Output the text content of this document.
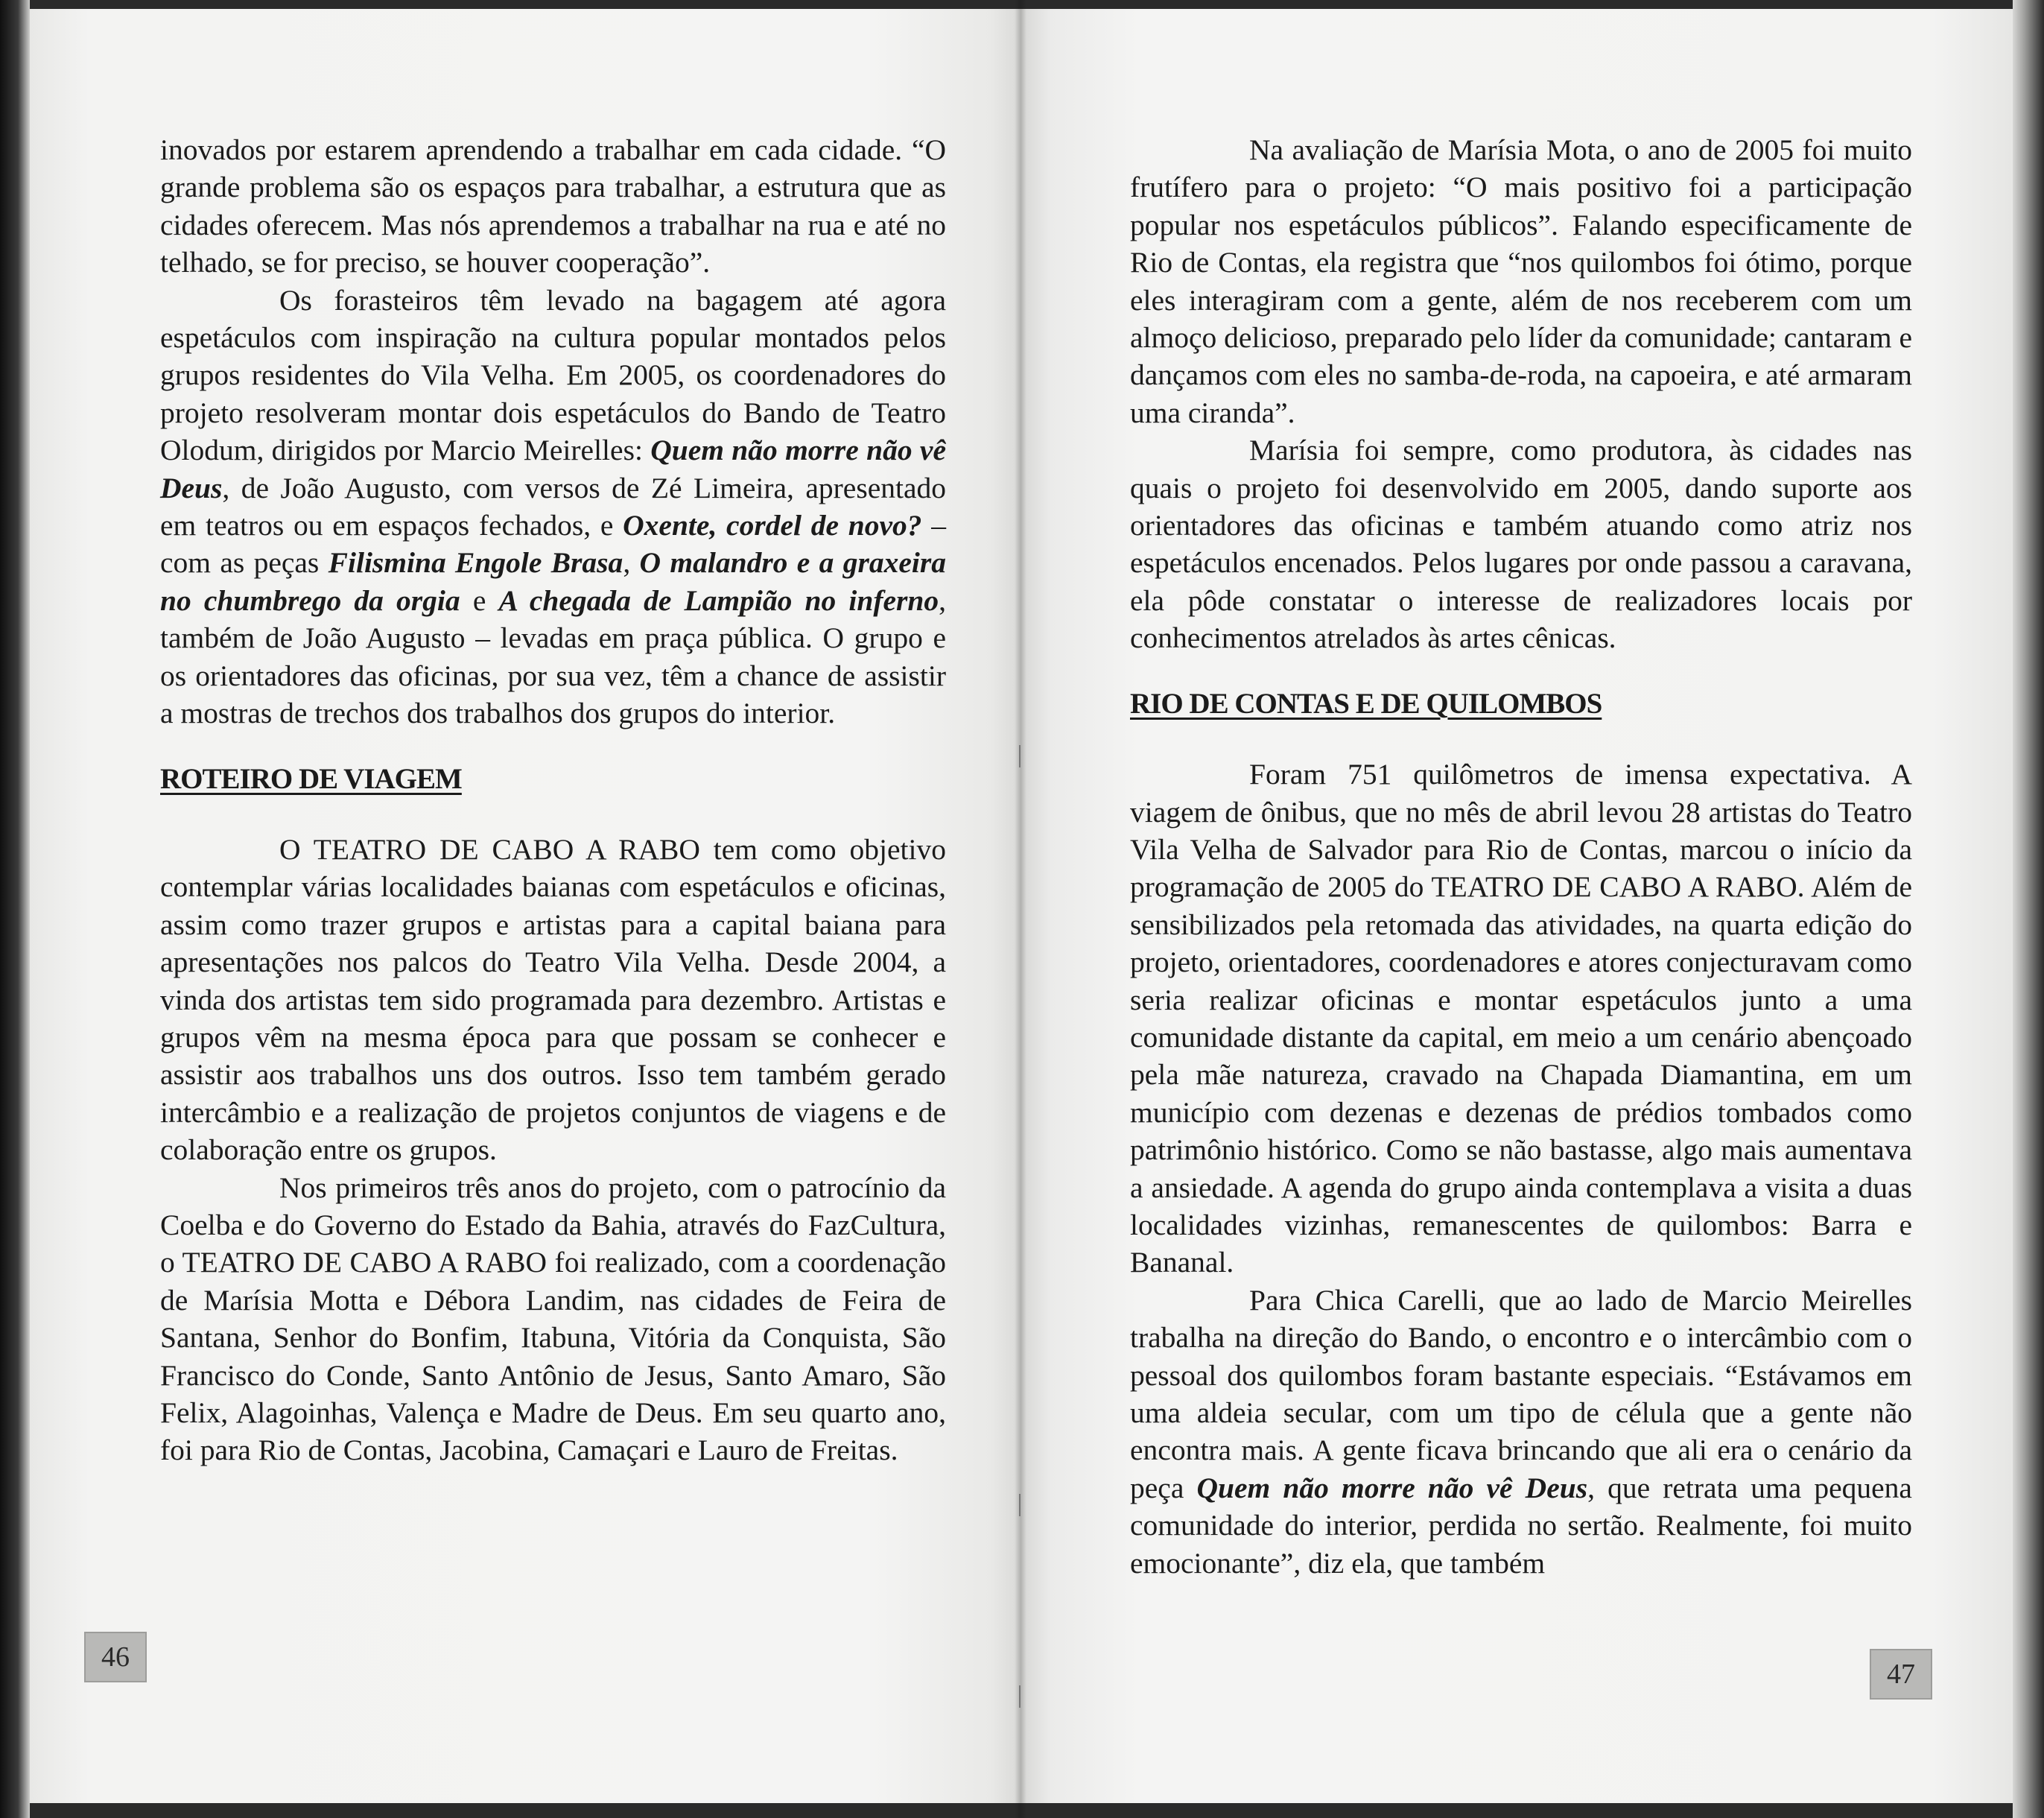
inovados por estarem aprendendo a trabalhar em cada cidade. “O grande problema são os espaços para trabalhar, a estrutura que as cidades oferecem. Mas nós aprendemos a trabalhar na rua e até no telhado, se for preciso, se houver cooperação”.

Os forasteiros têm levado na bagagem até agora espetáculos com inspiração na cultura popular montados pelos grupos residentes do Vila Velha. Em 2005, os coordenadores do projeto resolveram montar dois espetáculos do Bando de Teatro Olodum, dirigidos por Marcio Meirelles: Quem não morre não vê Deus, de João Augusto, com versos de Zé Limeira, apresentado em teatros ou em espaços fechados, e Oxente, cordel de novo? – com as peças Filismina Engole Brasa, O malandro e a graxeira no chumbrego da orgia e A chegada de Lampião no inferno, também de João Augusto – levadas em praça pública. O grupo e os orientadores das oficinas, por sua vez, têm a chance de assistir a mostras de trechos dos trabalhos dos grupos do interior.

ROTEIRO DE VIAGEM

O TEATRO DE CABO A RABO tem como objetivo contemplar várias localidades baianas com espetáculos e oficinas, assim como trazer grupos e artistas para a capital baiana para apresentações nos palcos do Teatro Vila Velha. Desde 2004, a vinda dos artistas tem sido programada para dezembro. Artistas e grupos vêm na mesma época para que possam se conhecer e assistir aos trabalhos uns dos outros. Isso tem também gerado intercâmbio e a realização de projetos conjuntos de viagens e de colaboração entre os grupos.

Nos primeiros três anos do projeto, com o patrocínio da Coelba e do Governo do Estado da Bahia, através do FazCultura, o TEATRO DE CABO A RABO foi realizado, com a coordenação de Marísia Motta e Débora Landim, nas cidades de Feira de Santana, Senhor do Bonfim, Itabuna, Vitória da Conquista, São Francisco do Conde, Santo Antônio de Jesus, Santo Amaro, São Felix, Alagoinhas, Valença e Madre de Deus. Em seu quarto ano, foi para Rio de Contas, Jacobina, Camaçari e Lauro de Freitas.

Na avaliação de Marísia Mota, o ano de 2005 foi muito frutífero para o projeto: “O mais positivo foi a participação popular nos espetáculos públicos”. Falando especificamente de Rio de Contas, ela registra que “nos quilombos foi ótimo, porque eles interagiram com a gente, além de nos receberem com um almoço delicioso, preparado pelo líder da comunidade; cantaram e dançamos com eles no samba-de-roda, na capoeira, e até armaram uma ciranda”.

Marísia foi sempre, como produtora, às cidades nas quais o projeto foi desenvolvido em 2005, dando suporte aos orientadores das oficinas e também atuando como atriz nos espetáculos encenados. Pelos lugares por onde passou a caravana, ela pôde constatar o interesse de realizadores locais por conhecimentos atrelados às artes cênicas.

RIO DE CONTAS E DE QUILOMBOS

Foram 751 quilômetros de imensa expectativa. A viagem de ônibus, que no mês de abril levou 28 artistas do Teatro Vila Velha de Salvador para Rio de Contas, marcou o início da programação de 2005 do TEATRO DE CABO A RABO. Além de sensibilizados pela retomada das atividades, na quarta edição do projeto, orientadores, coordenadores e atores conjecturavam como seria realizar oficinas e montar espetáculos junto a uma comunidade distante da capital, em meio a um cenário abençoado pela mãe natureza, cravado na Chapada Diamantina, em um município com dezenas e dezenas de prédios tombados como patrimônio histórico. Como se não bastasse, algo mais aumentava a ansiedade. A agenda do grupo ainda contemplava a visita a duas localidades vizinhas, remanescentes de quilombos: Barra e Bananal.

Para Chica Carelli, que ao lado de Marcio Meirelles trabalha na direção do Bando, o encontro e o intercâmbio com o pessoal dos quilombos foram bastante especiais. “Estávamos em uma aldeia secular, com um tipo de célula que a gente não encontra mais. A gente ficava brincando que ali era o cenário da peça Quem não morre não vê Deus, que retrata uma pequena comunidade do interior, perdida no sertão. Realmente, foi muito emocionante”, diz ela, que também

46
47
